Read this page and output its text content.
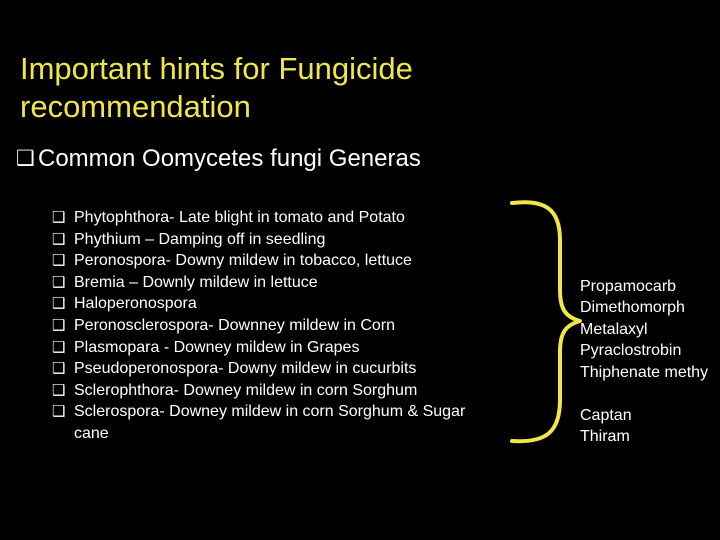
Important hints for Fungicide recommendation
❑ Common Oomycetes fungi Generas
❑ Phytophthora- Late blight in tomato and Potato
❑ Phythium – Damping off in seedling
❑ Peronospora- Downy mildew in tobacco, lettuce
❑ Bremia – Downly mildew in lettuce
❑ Haloperonospora
❑ Peronosclerospora- Downney mildew in Corn
❑ Plasmopara - Downey mildew in Grapes
❑ Pseudoperonospora- Downy mildew in cucurbits
❑ Sclerophthora- Downey mildew in corn Sorghum
❑ Sclerospora- Downey mildew in corn Sorghum & Sugar
cane
Propamocarb
Dimethomorph
Metalaxyl
Pyraclostrobin
Thiphenate methy
Captan
Thiram
